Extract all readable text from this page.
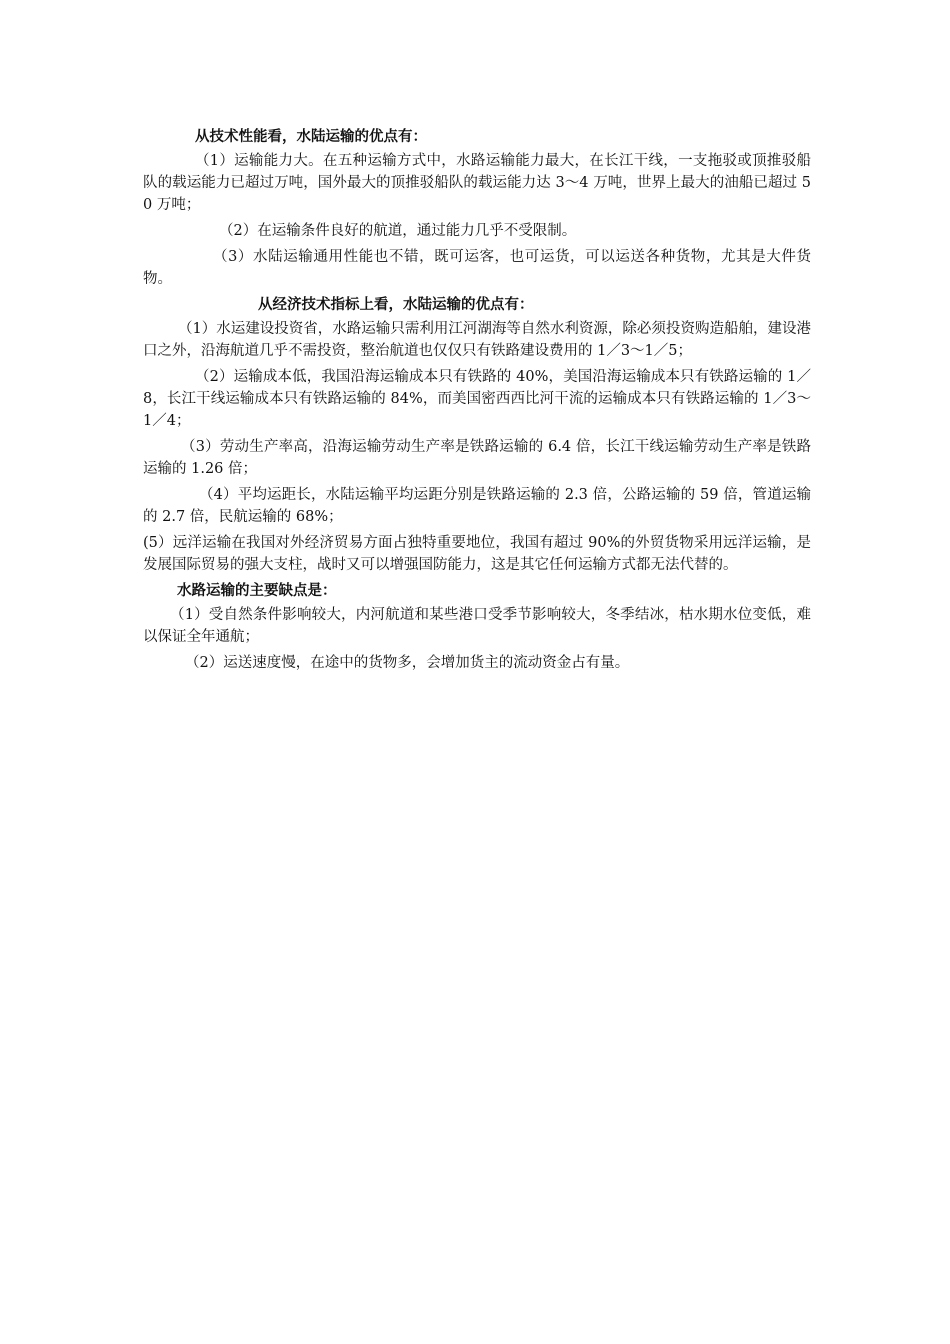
从技术性能看，水陆运输的优点有：

（1）运输能力大。在五种运输方式中，水路运输能力最大，在长江干线，一支拖驳或顶推驳船队的载运能力已超过万吨，国外最大的顶推驳船队的载运能力达 3～4 万吨，世界上最大的油船已超过 50 万吨；

（2）在运输条件良好的航道，通过能力几乎不受限制。

（3）水陆运输通用性能也不错，既可运客，也可运货，可以运送各种货物，尤其是大件货物。

从经济技术指标上看，水陆运输的优点有：

（1）水运建设投资省，水路运输只需利用江河湖海等自然水利资源，除必须投资购造船舶，建设港口之外，沿海航道几乎不需投资，整治航道也仅仅只有铁路建设费用的 1／3～1／5；

（2）运输成本低，我国沿海运输成本只有铁路的 40%，美国沿海运输成本只有铁路运输的 1／8，长江干线运输成本只有铁路运输的 84%，而美国密西西比河干流的运输成本只有铁路运输的 1／3～1／4；

（3）劳动生产率高，沿海运输劳动生产率是铁路运输的 6.4 倍，长江干线运输劳动生产率是铁路运输的 1.26 倍；

（4）平均运距长，水陆运输平均运距分别是铁路运输的 2.3 倍，公路运输的 59 倍，管道运输的 2.7 倍，民航运输的 68%；

(5）远洋运输在我国对外经济贸易方面占独特重要地位，我国有超过 90%的外贸货物采用远洋运输，是发展国际贸易的强大支柱，战时又可以增强国防能力，这是其它任何运输方式都无法代替的。

水路运输的主要缺点是：

（1）受自然条件影响较大，内河航道和某些港口受季节影响较大，冬季结冰，枯水期水位变低，难以保证全年通航；

（2）运送速度慢，在途中的货物多，会增加货主的流动资金占有量。
